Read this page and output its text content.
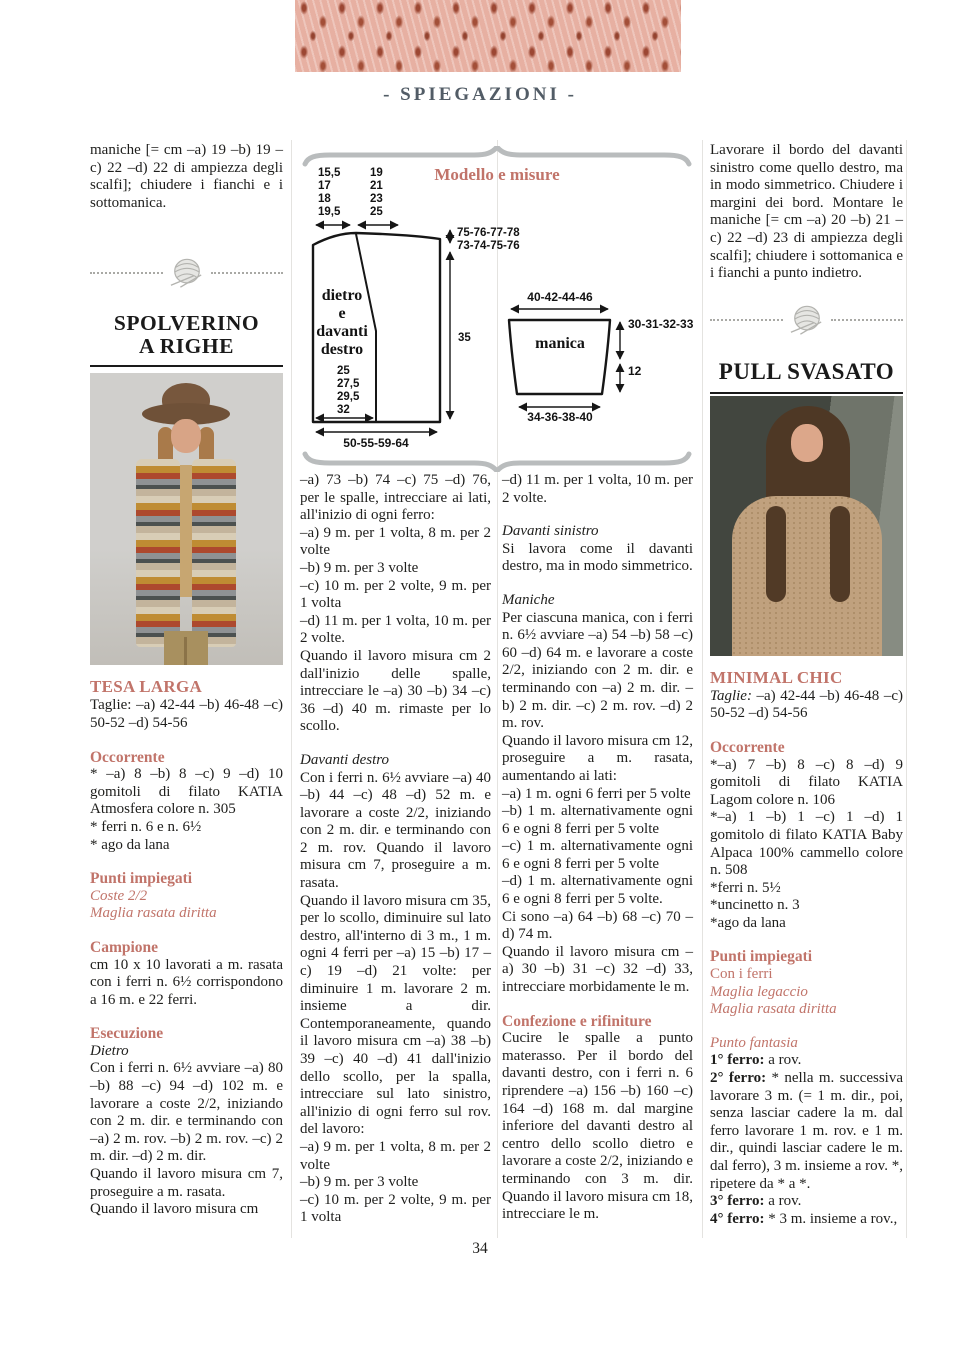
- SPIEGAZIONI -

maniche [= cm –a) 19 –b) 19 –c) 22 –d) 22 di ampiezza degli scalfi]; chiudere i fianchi e i sottomanica.

SPOLVERINO
A RIGHE

TESA LARGA

Taglie: –a) 42-44 –b) 46-48 –c) 50-52 –d) 54-56

Occorrente

* –a) 8 –b) 8 –c) 9 –d) 10 gomitoli di filato KATIA Atmosfera colore n. 305

* ferri n. 6 e n. 6½

* ago da lana

Punti impiegati

Coste 2/2

Maglia rasata diritta

Campione

cm 10 x 10 lavorati a m. rasata con i ferri n. 6½ corrispondono a 16 m. e 22 ferri.

Esecuzione

Dietro

Con i ferri n. 6½ avviare –a) 80 –b) 88 –c) 94 –d) 102 m. e lavorare a coste 2/2, iniziando con 2 m. dir. e terminando con –a) 2 m. rov. –b) 2 m. rov. –c) 2 m. dir. –d) 2 m. dir.

Quando il lavoro misura cm 7, proseguire a m. rasata.

Quando il lavoro misura cm

Modello e misure
15,5
17
18
19,5
19
21
23
25
75-76-77-78
73-74-75-76
35
dietro
e
davanti
destro
25
27,5
29,5
32
50-55-59-64
40-42-44-46
manica
30-31-32-33
12
34-36-38-40

–a) 73 –b) 74 –c) 75 –d) 76, per le spalle, intrecciare ai lati, all'inizio di ogni ferro:

–a) 9 m. per 1 volta, 8 m. per 2 volte

–b) 9 m. per 3 volte

–c) 10 m. per 2 volte, 9 m. per 1 volta

–d) 11 m. per 1 volta, 10 m. per 2 volte.

Quando il lavoro misura cm 2 dall'inizio delle spalle, intrecciare le –a) 30 –b) 34 –c) 36 –d) 40 m. rimaste per lo scollo.

Davanti destro

Con i ferri n. 6½ avviare –a) 40 –b) 44 –c) 48 –d) 52 m. e lavorare a coste 2/2, iniziando con 2 m. dir. e terminando con 2 m. rov. Quando il lavoro misura cm 7, proseguire a m. rasata.

Quando il lavoro misura cm 35, per lo scollo, diminuire sul lato destro, all'interno di 3 m., 1 m. ogni 4 ferri per –a) 15 –b) 17 –c) 19 –d) 21 volte: per diminuire 1 m. lavorare 2 m. insieme a dir. Contemporaneamente, quando il lavoro misura cm –a) 38 –b) 39 –c) 40 –d) 41 dall'inizio dello scollo, per la spalla, intrecciare sul lato sinistro, all'inizio di ogni ferro sul rov. del lavoro:

–a) 9 m. per 1 volta, 8 m. per 2 volte

–b) 9 m. per 3 volte

–c) 10 m. per 2 volte, 9 m. per 1 volta

–d) 11 m. per 1 volta, 10 m. per 2 volte.

Davanti sinistro

Si lavora come il davanti destro, ma in modo simmetrico.

Maniche

Per ciascuna manica, con i ferri n. 6½ avviare –a) 54 –b) 58 –c) 60 –d) 64 m. e lavorare a coste 2/2, iniziando con 2 m. dir. e terminando con –a) 2 m. dir. –b) 2 m. dir. –c) 2 m. rov. –d) 2 m. rov.

Quando il lavoro misura cm 12, proseguire a m. rasata, aumentando ai lati:

–a) 1 m. ogni 6 ferri per 5 volte

–b) 1 m. alternativamente ogni 6 e ogni 8 ferri per 5 volte

–c) 1 m. alternativamente ogni 6 e ogni 8 ferri per 5 volte

–d) 1 m. alternativamente ogni 6 e ogni 8 ferri per 5 volte.

Ci sono –a) 64 –b) 68 –c) 70 –d) 74 m.

Quando il lavoro misura cm –a) 30 –b) 31 –c) 32 –d) 33, intrecciare morbidamente le m.

Confezione e rifiniture

Cucire le spalle a punto materasso. Per il bordo del davanti destro, con i ferri n. 6 riprendere –a) 156 –b) 160 –c) 164 –d) 168 m. dal margine inferiore del davanti destro al centro dello scollo dietro e lavorare a coste 2/2, iniziando e terminando con 3 m. dir. Quando il lavoro misura cm 18, intrecciare le m.

Lavorare il bordo del davanti sinistro come quello destro, ma in modo simmetrico. Chiudere i margini dei bord. Montare le maniche [= cm –a) 20 –b) 21 –c) 22 –d) 23 di ampiezza degli scalfi]; chiudere i sottomanica e i fianchi a punto indietro.

PULL SVASATO

MINIMAL CHIC

Taglie: –a) 42-44 –b) 46-48 –c) 50-52 –d) 54-56

Occorrente

*–a) 7 –b) 8 –c) 8 –d) 9 gomitoli di filato KATIA Lagom colore n. 106

*–a) 1 –b) 1 –c) 1 –d) 1 gomitolo di filato KATIA Baby Alpaca 100% cammello colore n. 508

*ferri n. 5½

*uncinetto n. 3

*ago da lana

Punti impiegati

Con i ferri

Maglia legaccio

Maglia rasata diritta

Punto fantasia

1° ferro: a rov.

2° ferro: * nella m. successiva lavorare 3 m. (= 1 m. dir., poi, senza lasciar cadere la m. dal ferro lavorare 1 m. rov. e 1 m. dir., quindi lasciar cadere le m. dal ferro), 3 m. insieme a rov. *, ripetere da * a *.

3° ferro: a rov.

4° ferro: * 3 m. insieme a rov.,

34
